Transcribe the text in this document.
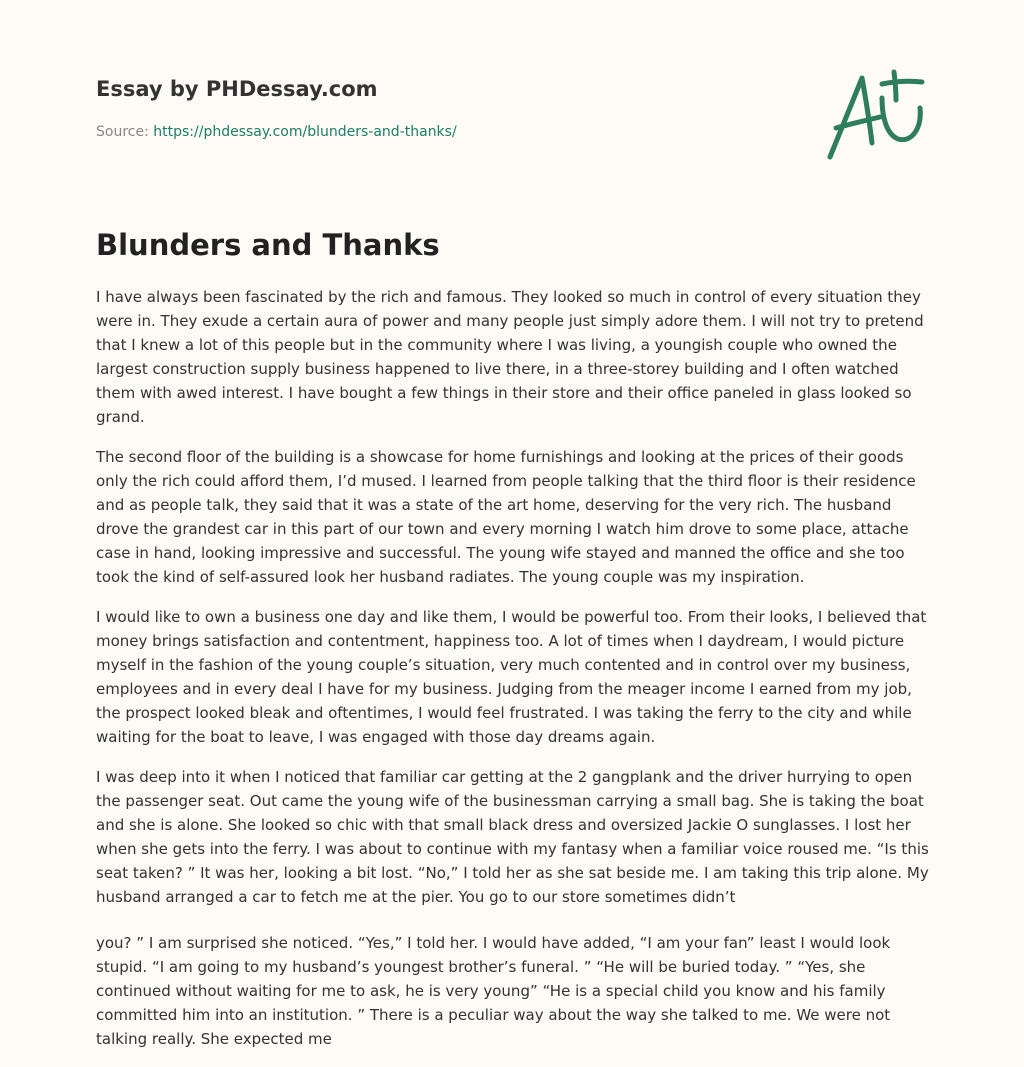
Essay by PHDessay.com
Source: https://phdessay.com/blunders-and-thanks/
Blunders and Thanks

I have always been fascinated by the rich and famous. They looked so much in control of every situation they were in. They exude a certain aura of power and many people just simply adore them. I will not try to pretend that I knew a lot of this people but in the community where I was living, a youngish couple who owned the largest construction supply business happened to live there, in a three-storey building and I often watched them with awed interest. I have bought a few things in their store and their office paneled in glass looked so grand.

The second floor of the building is a showcase for home furnishings and looking at the prices of their goods only the rich could afford them, I’d mused. I learned from people talking that the third floor is their residence and as people talk, they said that it was a state of the art home, deserving for the very rich. The husband drove the grandest car in this part of our town and every morning I watch him drove to some place, attache case in hand, looking impressive and successful. The young wife stayed and manned the office and she too took the kind of self-assured look her husband radiates. The young couple was my inspiration.

I would like to own a business one day and like them, I would be powerful too. From their looks, I believed that money brings satisfaction and contentment, happiness too. A lot of times when I daydream, I would picture myself in the fashion of the young couple’s situation, very much contented and in control over my business, employees and in every deal I have for my business. Judging from the meager income I earned from my job, the prospect looked bleak and oftentimes, I would feel frustrated. I was taking the ferry to the city and while waiting for the boat to leave, I was engaged with those day dreams again.

I was deep into it when I noticed that familiar car getting at the 2 gangplank and the driver hurrying to open the passenger seat. Out came the young wife of the businessman carrying a small bag. She is taking the boat and she is alone. She looked so chic with that small black dress and oversized Jackie O sunglasses. I lost her when she gets into the ferry. I was about to continue with my fantasy when a familiar voice roused me. “Is this seat taken? ” It was her, looking a bit lost. “No,” I told her as she sat beside me. I am taking this trip alone. My husband arranged a car to fetch me at the pier. You go to our store sometimes didn’t

you? ” I am surprised she noticed. “Yes,” I told her. I would have added, “I am your fan” least I would look stupid. “I am going to my husband’s youngest brother’s funeral. ” “He will be buried today. ” “Yes, she continued without waiting for me to ask, he is very young” “He is a special child you know and his family committed him into an institution. ” There is a peculiar way about the way she talked to me. We were not talking really. She expected me
